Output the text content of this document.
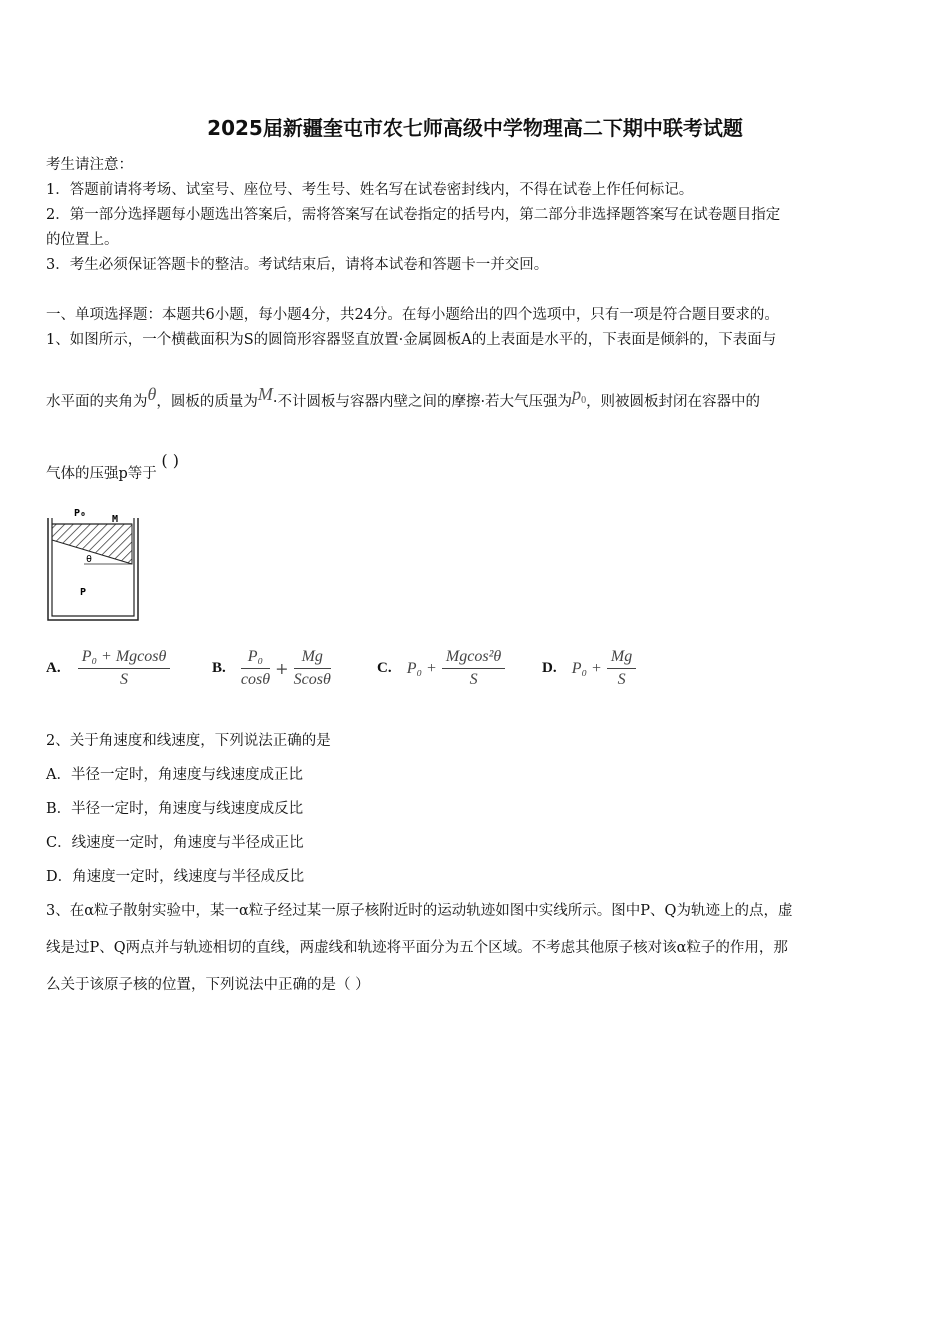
2025届新疆奎屯市农七师高级中学物理高二下期中联考试题
考生请注意：
1．答题前请将考场、试室号、座位号、考生号、姓名写在试卷密封线内，不得在试卷上作任何标记。
2．第一部分选择题每小题选出答案后，需将答案写在试卷指定的括号内，第二部分非选择题答案写在试卷题目指定
的位置上。
3．考生必须保证答题卡的整洁。考试结束后，请将本试卷和答题卡一并交回。
一、单项选择题：本题共6小题，每小题4分，共24分。在每小题给出的四个选项中，只有一项是符合题目要求的。
1、如图所示，一个横截面积为S的圆筒形容器竖直放置·金属圆板A的上表面是水平的，下表面是倾斜的，下表面与
水平面的夹角为θ，圆板的质量为M·不计圆板与容器内壁之间的摩擦·若大气压强为$p_0$，则被圆板封闭在容器中的
气体的压强p等于 ( )
P₀
M
θ
P
A. $\frac{\text{P₀ + Mgcosθ}}{S}$	B. $\frac{\text{P₀}}{\cos\theta} + \frac{Mg}{Scos\theta}$	C. $P_0 + \frac{\text{Mgcos²θ}}{S} D$. $P_0 + \frac{Mg}{S}$
2、关于角速度和线速度，下列说法正确的是
A．半径一定时，角速度与线速度成正比
B．半径一定时，角速度与线速度成反比
C．线速度一定时，角速度与半径成正比
D．角速度一定时，线速度与半径成反比
3、在α粒子散射实验中，某一α粒子经过某一原子核附近时的运动轨迹如图中实线所示。图中P、Q为轨迹上的点，虚
线是过P、Q两点并与轨迹相切的直线，两虚线和轨迹将平面分为五个区域。不考虑其他原子核对该α粒子的作用，那
么关于该原子核的位置，下列说法中正确的是（ ）
